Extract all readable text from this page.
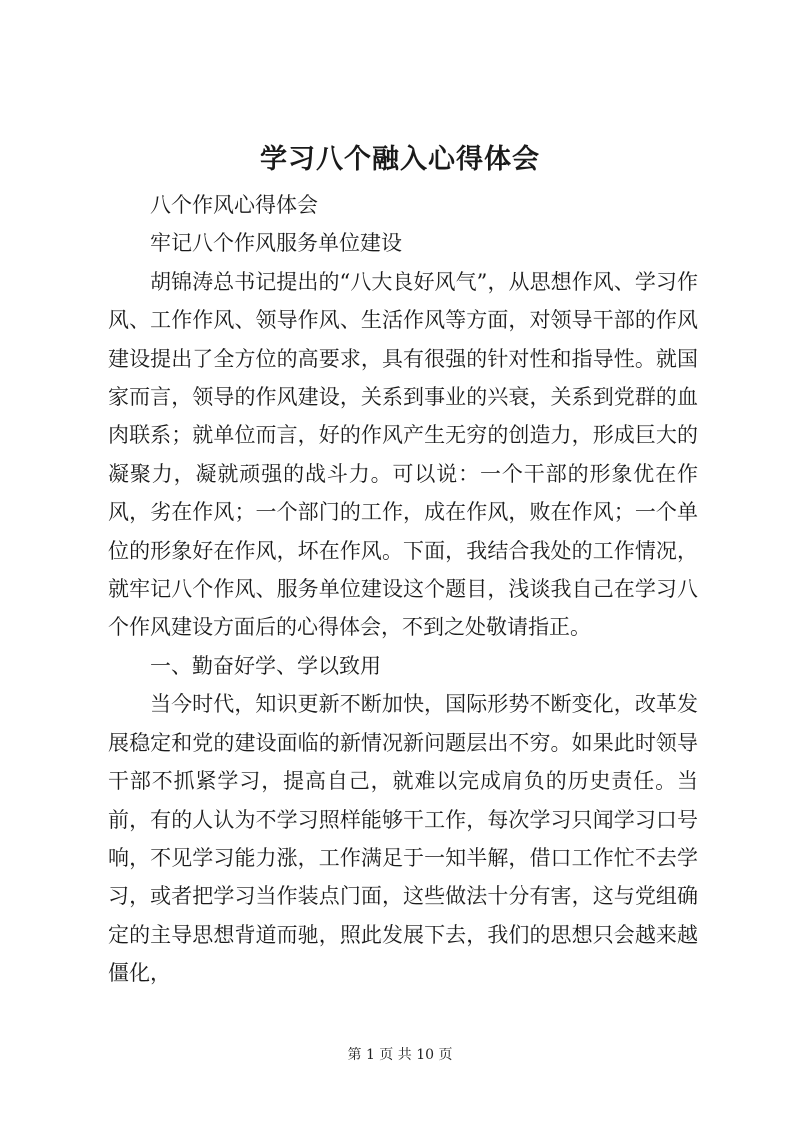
学习八个融入心得体会

八个作风心得体会

牢记八个作风服务单位建设

胡锦涛总书记提出的“八大良好风气”，从思想作风、学习作风、工作作风、领导作风、生活作风等方面，对领导干部的作风建设提出了全方位的高要求，具有很强的针对性和指导性。就国家而言，领导的作风建设，关系到事业的兴衰，关系到党群的血肉联系；就单位而言，好的作风产生无穷的创造力，形成巨大的凝聚力，凝就顽强的战斗力。可以说：一个干部的形象优在作风，劣在作风；一个部门的工作，成在作风，败在作风；一个单位的形象好在作风，坏在作风。下面，我结合我处的工作情况，就牢记八个作风、服务单位建设这个题目，浅谈我自己在学习八个作风建设方面后的心得体会，不到之处敬请指正。

一、勤奋好学、学以致用

当今时代，知识更新不断加快，国际形势不断变化，改革发展稳定和党的建设面临的新情况新问题层出不穷。如果此时领导干部不抓紧学习，提高自己，就难以完成肩负的历史责任。当前，有的人认为不学习照样能够干工作，每次学习只闻学习口号响，不见学习能力涨，工作满足于一知半解，借口工作忙不去学习，或者把学习当作装点门面，这些做法十分有害，这与党组确定的主导思想背道而驰，照此发展下去，我们的思想只会越来越僵化，

第 1 页 共 10 页
